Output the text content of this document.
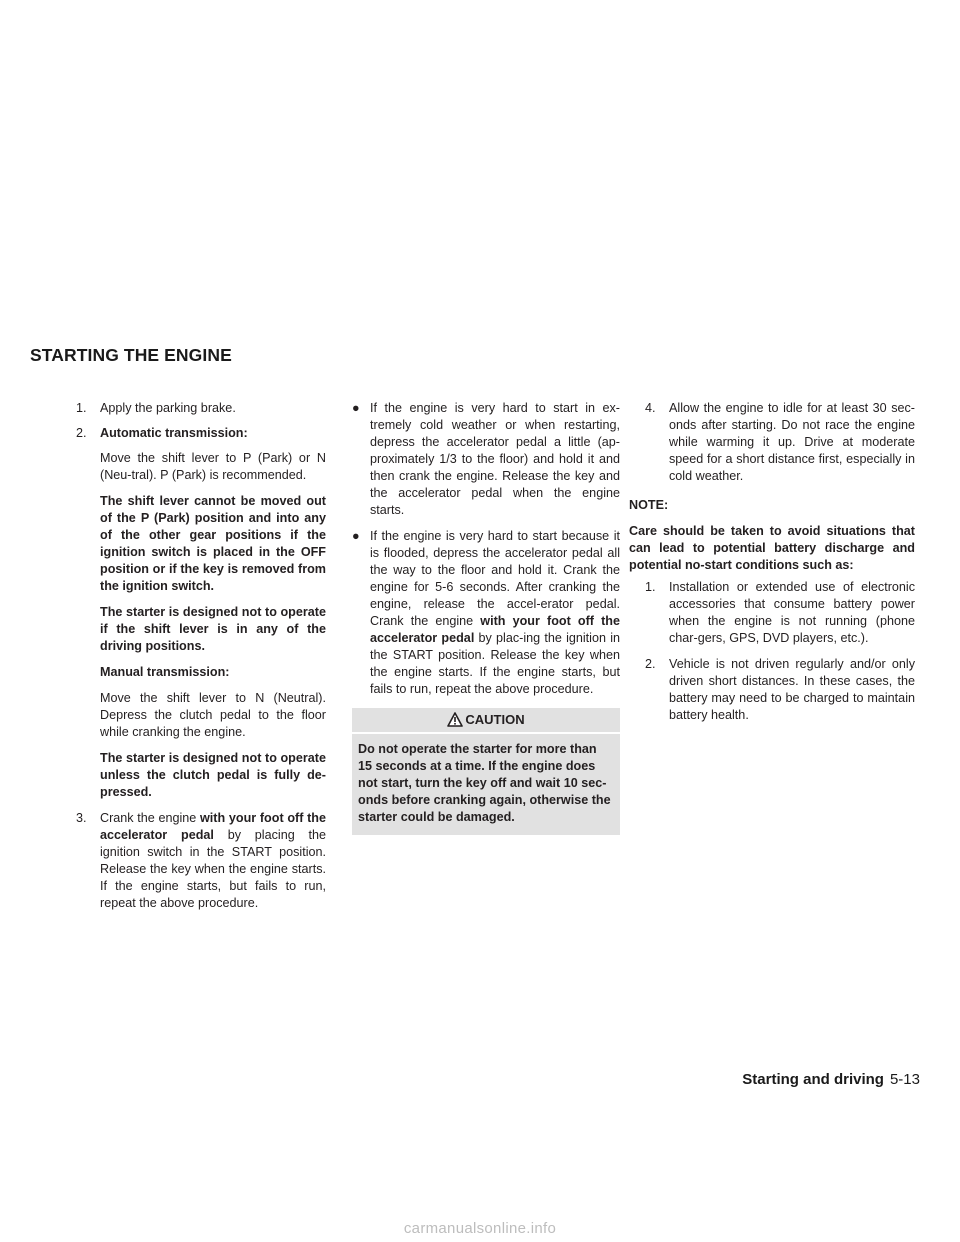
STARTING THE ENGINE

1. Apply the parking brake.

2. Automatic transmission:

Move the shift lever to P (Park) or N (Neu-tral). P (Park) is recommended.

The shift lever cannot be moved out of the P (Park) position and into any of the other gear positions if the ignition switch is placed in the OFF position or if the key is removed from the ignition switch.

The starter is designed not to operate if the shift lever is in any of the driving positions.

Manual transmission:

Move the shift lever to N (Neutral). Depress the clutch pedal to the floor while cranking the engine.

The starter is designed not to operate unless the clutch pedal is fully de-pressed.

3. Crank the engine with your foot off the accelerator pedal by placing the ignition switch in the START position. Release the key when the engine starts. If the engine starts, but fails to run, repeat the above procedure.

● If the engine is very hard to start in ex-tremely cold weather or when restarting, depress the accelerator pedal a little (ap-proximately 1/3 to the floor) and hold it and then crank the engine. Release the key and the accelerator pedal when the engine starts.

● If the engine is very hard to start because it is flooded, depress the accelerator pedal all the way to the floor and hold it. Crank the engine for 5-6 seconds. After cranking the engine, release the accel-erator pedal. Crank the engine with your foot off the accelerator pedal by plac-ing the ignition in the START position. Release the key when the engine starts. If the engine starts, but fails to run, repeat the above procedure.

CAUTION
Do not operate the starter for more than 15 seconds at a time. If the engine does not start, turn the key off and wait 10 sec-onds before cranking again, otherwise the starter could be damaged.

4. Allow the engine to idle for at least 30 sec-onds after starting. Do not race the engine while warming it up. Drive at moderate speed for a short distance first, especially in cold weather.

NOTE:

Care should be taken to avoid situations that can lead to potential battery discharge and potential no-start conditions such as:

1. Installation or extended use of electronic accessories that consume battery power when the engine is not running (phone char-gers, GPS, DVD players, etc.).

2. Vehicle is not driven regularly and/or only driven short distances. In these cases, the battery may need to be charged to maintain battery health.

Starting and driving 5-13
carmanualsonline.info
